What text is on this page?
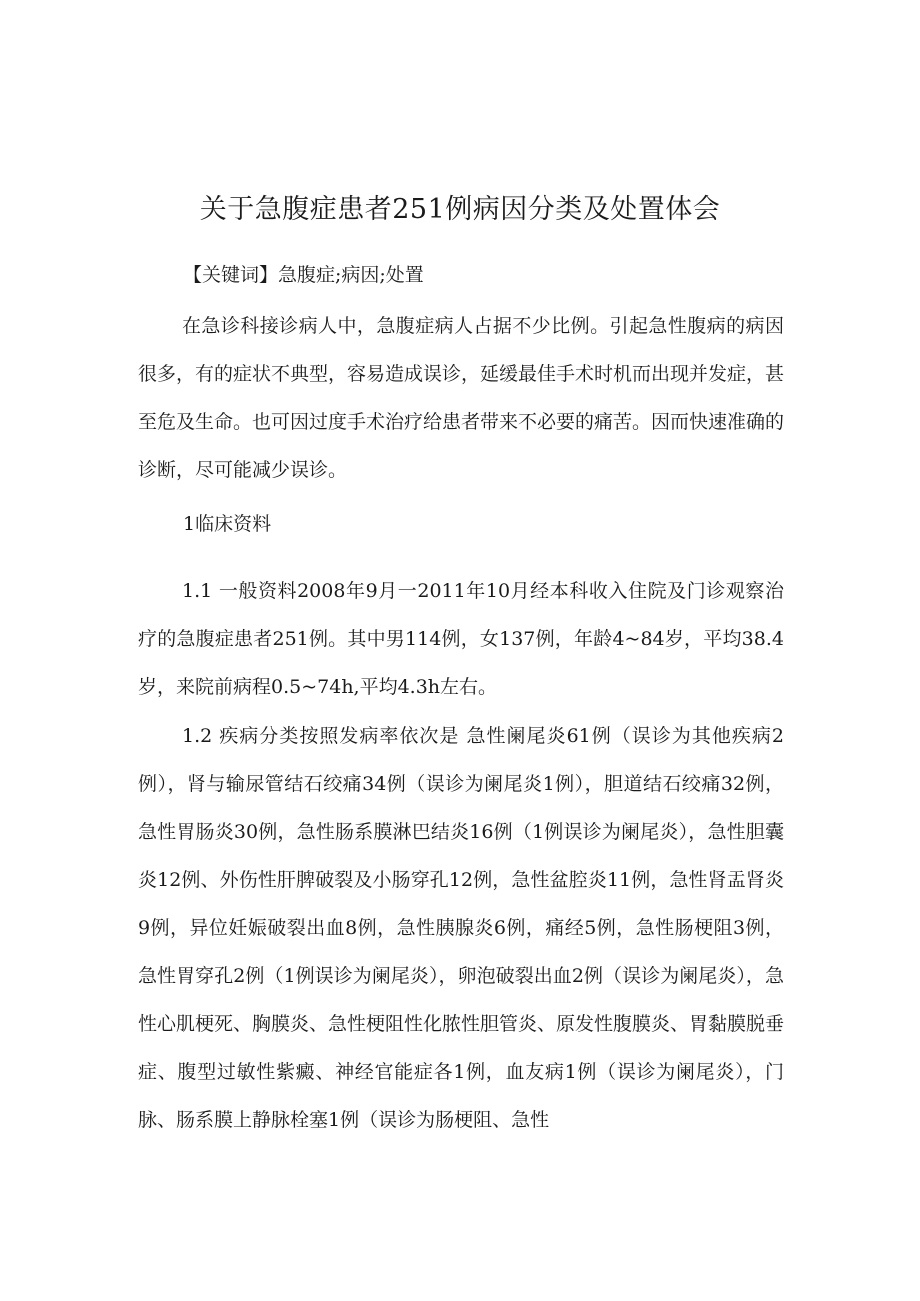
关于急腹症患者251例病因分类及处置体会

【关键词】急腹症;病因;处置

在急诊科接诊病人中，急腹症病人占据不少比例。引起急性腹病的病因很多，有的症状不典型，容易造成误诊，延缓最佳手术时机而出现并发症，甚至危及生命。也可因过度手术治疗给患者带来不必要的痛苦。因而快速准确的诊断，尽可能减少误诊。

1临床资料

1.1 一般资料2008年9月一2011年10月经本科收入住院及门诊观察治疗的急腹症患者251例。其中男114例，女137例，年龄4~84岁，平均38.4岁，来院前病程0.5~74h,平均4.3h左右。

1.2 疾病分类按照发病率依次是 急性阑尾炎61例（误诊为其他疾病2例），肾与输尿管结石绞痛34例（误诊为阑尾炎1例），胆道结石绞痛32例，急性胃肠炎30例，急性肠系膜淋巴结炎16例（1例误诊为阑尾炎），急性胆囊炎12例、外伤性肝脾破裂及小肠穿孔12例，急性盆腔炎11例，急性肾盂肾炎9例，异位妊娠破裂出血8例，急性胰腺炎6例，痛经5例，急性肠梗阻3例，急性胃穿孔2例（1例误诊为阑尾炎），卵泡破裂出血2例（误诊为阑尾炎），急性心肌梗死、胸膜炎、急性梗阻性化脓性胆管炎、原发性腹膜炎、胃黏膜脱垂症、腹型过敏性紫癜、神经官能症各1例，血友病1例（误诊为阑尾炎），门脉、肠系膜上静脉栓塞1例（误诊为肠梗阻、急性
